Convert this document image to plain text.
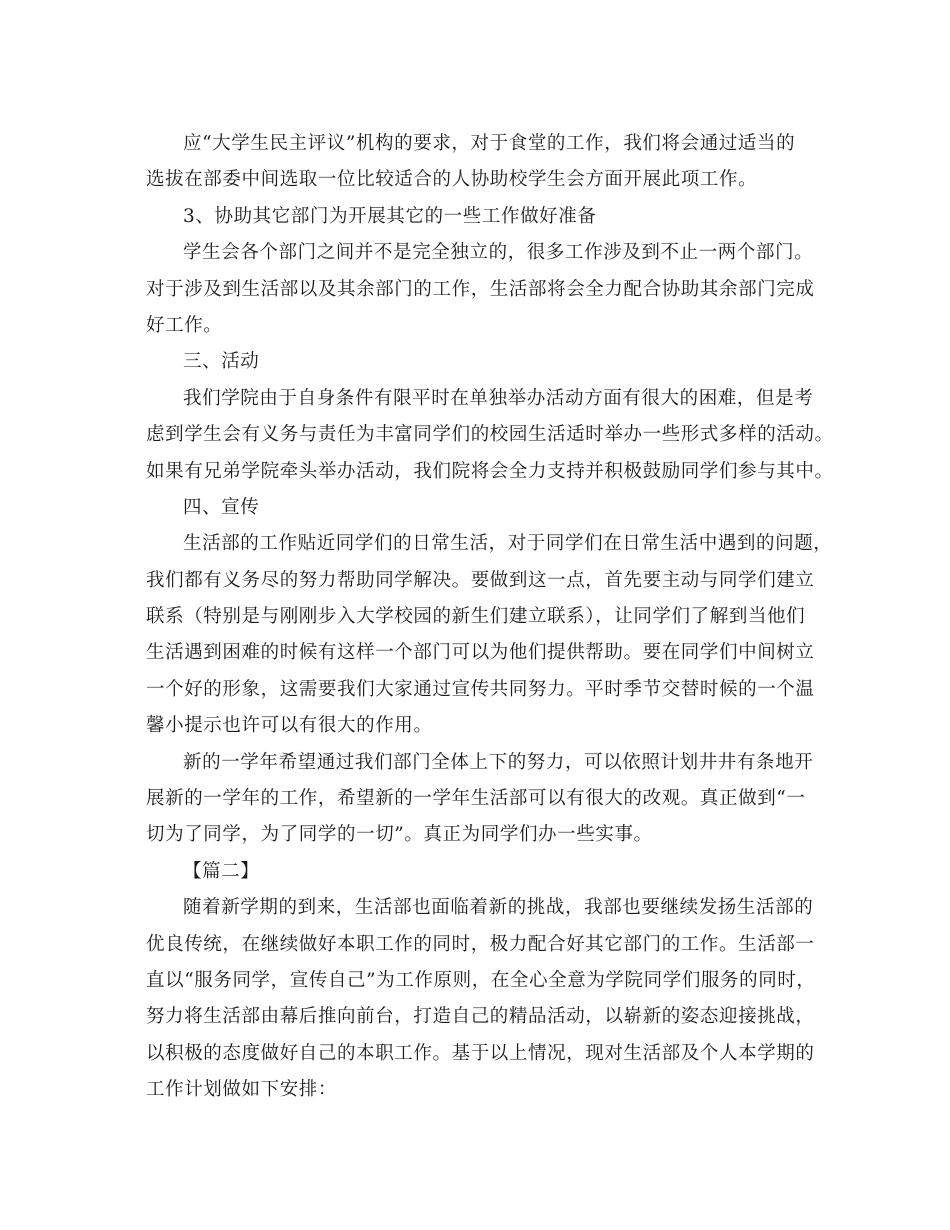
应“大学生民主评议”机构的要求，对于食堂的工作，我们将会通过适当的
选拔在部委中间选取一位比较适合的人协助校学生会方面开展此项工作。
3、协助其它部门为开展其它的一些工作做好准备
学生会各个部门之间并不是完全独立的，很多工作涉及到不止一两个部门。
对于涉及到生活部以及其余部门的工作，生活部将会全力配合协助其余部门完成
好工作。
三、活动
我们学院由于自身条件有限平时在单独举办活动方面有很大的困难，但是考
虑到学生会有义务与责任为丰富同学们的校园生活适时举办一些形式多样的活动。
如果有兄弟学院牵头举办活动，我们院将会全力支持并积极鼓励同学们参与其中。
四、宣传
生活部的工作贴近同学们的日常生活，对于同学们在日常生活中遇到的问题，
我们都有义务尽的努力帮助同学解决。要做到这一点，首先要主动与同学们建立
联系（特别是与刚刚步入大学校园的新生们建立联系），让同学们了解到当他们
生活遇到困难的时候有这样一个部门可以为他们提供帮助。要在同学们中间树立
一个好的形象，这需要我们大家通过宣传共同努力。平时季节交替时候的一个温
馨小提示也许可以有很大的作用。
新的一学年希望通过我们部门全体上下的努力，可以依照计划井井有条地开
展新的一学年的工作，希望新的一学年生活部可以有很大的改观。真正做到“一
切为了同学，为了同学的一切”。真正为同学们办一些实事。
【篇二】
随着新学期的到来，生活部也面临着新的挑战，我部也要继续发扬生活部的
优良传统，在继续做好本职工作的同时，极力配合好其它部门的工作。生活部一
直以“服务同学，宣传自己”为工作原则，在全心全意为学院同学们服务的同时，
努力将生活部由幕后推向前台，打造自己的精品活动，以崭新的姿态迎接挑战，
以积极的态度做好自己的本职工作。基于以上情况，现对生活部及个人本学期的
工作计划做如下安排：
